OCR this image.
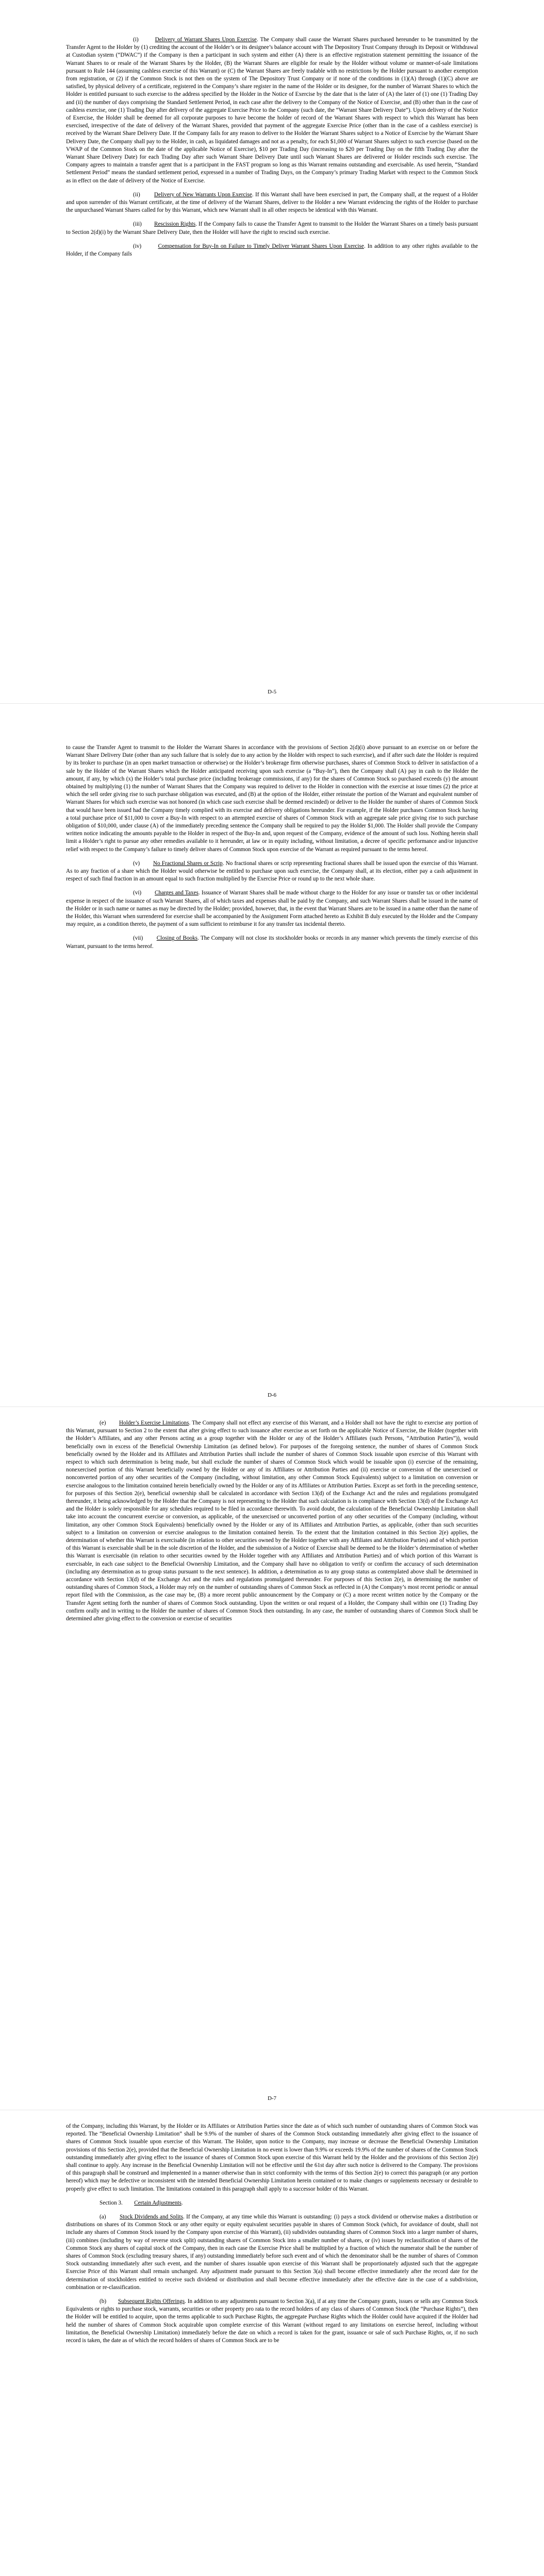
(i)	Delivery of Warrant Shares Upon Exercise. The Company shall cause the Warrant Shares purchased hereunder to be transmitted by the Transfer Agent to the Holder by (1) crediting the account of the Holder’s or its designee’s balance account with The Depository Trust Company through its Deposit or Withdrawal at Custodian system (“DWAC”) if the Company is then a participant in such system and either (A) there is an effective registration statement permitting the issuance of the Warrant Shares to or resale of the Warrant Shares by the Holder, (B) the Warrant Shares are eligible for resale by the Holder without volume or manner-of-sale limitations pursuant to Rule 144 (assuming cashless exercise of this Warrant) or (C) the Warrant Shares are freely tradable with no restrictions by the Holder pursuant to another exemption from registration, or (2) if the Common Stock is not then on the system of The Depository Trust Company or if none of the conditions in (1)(A) through (1)(C) above are satisfied, by physical delivery of a certificate, registered in the Company’s share register in the name of the Holder or its designee, for the number of Warrant Shares to which the Holder is entitled pursuant to such exercise to the address specified by the Holder in the Notice of Exercise by the date that is the later of (A) the later of (1) one (1) Trading Day and (ii) the number of days comprising the Standard Settlement Period, in each case after the delivery to the Company of the Notice of Exercise, and (B) other than in the case of cashless exercise, one (1) Trading Day after delivery of the aggregate Exercise Price to the Company (such date, the “Warrant Share Delivery Date”). Upon delivery of the Notice of Exercise, the Holder shall be deemed for all corporate purposes to have become the holder of record of the Warrant Shares with respect to which this Warrant has been exercised, irrespective of the date of delivery of the Warrant Shares, provided that payment of the aggregate Exercise Price (other than in the case of a cashless exercise) is received by the Warrant Share Delivery Date. If the Company fails for any reason to deliver to the Holder the Warrant Shares subject to a Notice of Exercise by the Warrant Share Delivery Date, the Company shall pay to the Holder, in cash, as liquidated damages and not as a penalty, for each $1,000 of Warrant Shares subject to such exercise (based on the VWAP of the Common Stock on the date of the applicable Notice of Exercise), $10 per Trading Day (increasing to $20 per Trading Day on the fifth Trading Day after the Warrant Share Delivery Date) for each Trading Day after such Warrant Share Delivery Date until such Warrant Shares are delivered or Holder rescinds such exercise. The Company agrees to maintain a transfer agent that is a participant in the FAST program so long as this Warrant remains outstanding and exercisable. As used herein, “Standard Settlement Period” means the standard settlement period, expressed in a number of Trading Days, on the Company’s primary Trading Market with respect to the Common Stock as in effect on the date of delivery of the Notice of Exercise.

(ii) Delivery of New Warrants Upon Exercise. If this Warrant shall have been exercised in part, the Company shall, at the request of a Holder and upon surrender of this Warrant certificate, at the time of delivery of the Warrant Shares, deliver to the Holder a new Warrant evidencing the rights of the Holder to purchase the unpurchased Warrant Shares called for by this Warrant, which new Warrant shall in all other respects be identical with this Warrant.

(iii) Rescission Rights. If the Company fails to cause the Transfer Agent to transmit to the Holder the Warrant Shares on a timely basis pursuant to Section 2(d)(i) by the Warrant Share Delivery Date, then the Holder will have the right to rescind such exercise.

(iv)	Compensation for Buy-In on Failure to Timely Deliver Warrant Shares Upon Exercise. In addition to any other rights available to the Holder, if the Company fails

D-5

to cause the Transfer Agent to transmit to the Holder the Warrant Shares in accordance with the provisions of Section 2(d)(i) above pursuant to an exercise on or before the Warrant Share Delivery Date (other than any such failure that is solely due to any action by the Holder with respect to such exercise), and if after such date the Holder is required by its broker to purchase (in an open market transaction or otherwise) or the Holder’s brokerage firm otherwise purchases, shares of Common Stock to deliver in satisfaction of a sale by the Holder of the Warrant Shares which the Holder anticipated receiving upon such exercise (a “Buy-In”), then the Company shall (A) pay in cash to the Holder the amount, if any, by which (x) the Holder’s total purchase price (including brokerage commissions, if any) for the shares of Common Stock so purchased exceeds (y) the amount obtained by multiplying (1) the number of Warrant Shares that the Company was required to deliver to the Holder in connection with the exercise at issue times (2) the price at which the sell order giving rise to such purchase obligation was executed, and (B) at the option of the Holder, either reinstate the portion of the Warrant and equivalent number of Warrant Shares for which such exercise was not honored (in which case such exercise shall be deemed rescinded) or deliver to the Holder the number of shares of Common Stock that would have been issued had the Company timely complied with its exercise and delivery obligations hereunder. For example, if the Holder purchases Common Stock having a total purchase price of $11,000 to cover a Buy-In with respect to an attempted exercise of shares of Common Stock with an aggregate sale price giving rise to such purchase obligation of $10,000, under clause (A) of the immediately preceding sentence the Company shall be required to pay the Holder $1,000. The Holder shall provide the Company written notice indicating the amounts payable to the Holder in respect of the Buy-In and, upon request of the Company, evidence of the amount of such loss. Nothing herein shall limit a Holder’s right to pursue any other remedies available to it hereunder, at law or in equity including, without limitation, a decree of specific performance and/or injunctive relief with respect to the Company’s failure to timely deliver shares of Common Stock upon exercise of the Warrant as required pursuant to the terms hereof.

(v) No Fractional Shares or Scrip. No fractional shares or scrip representing fractional shares shall be issued upon the exercise of this Warrant. As to any fraction of a share which the Holder would otherwise be entitled to purchase upon such exercise, the Company shall, at its election, either pay a cash adjustment in respect of such final fraction in an amount equal to such fraction multiplied by the Exercise Price or round up to the next whole share.

(vi) Charges and Taxes. Issuance of Warrant Shares shall be made without charge to the Holder for any issue or transfer tax or other incidental expense in respect of the issuance of such Warrant Shares, all of which taxes and expenses shall be paid by the Company, and such Warrant Shares shall be issued in the name of the Holder or in such name or names as may be directed by the Holder; provided, however, that, in the event that Warrant Shares are to be issued in a name other than the name of the Holder, this Warrant when surrendered for exercise shall be accompanied by the Assignment Form attached hereto as Exhibit B duly executed by the Holder and the Company may require, as a condition thereto, the payment of a sum sufficient to reimburse it for any transfer tax incidental thereto.

(vii) Closing of Books. The Company will not close its stockholder books or records in any manner which prevents the timely exercise of this Warrant, pursuant to the terms hereof.

D-6

(e) Holder’s Exercise Limitations. The Company shall not effect any exercise of this Warrant, and a Holder shall not have the right to exercise any portion of this Warrant, pursuant to Section 2 to the extent that after giving effect to such issuance after exercise as set forth on the applicable Notice of Exercise, the Holder (together with the Holder’s Affiliates, and any other Persons acting as a group together with the Holder or any of the Holder’s Affiliates (such Persons, “Attribution Parties”)), would beneficially own in excess of the Beneficial Ownership Limitation (as defined below). For purposes of the foregoing sentence, the number of shares of Common Stock beneficially owned by the Holder and its Affiliates and Attribution Parties shall include the number of shares of Common Stock issuable upon exercise of this Warrant with respect to which such determination is being made, but shall exclude the number of shares of Common Stock which would be issuable upon (i) exercise of the remaining, nonexercised portion of this Warrant beneficially owned by the Holder or any of its Affiliates or Attribution Parties and (ii) exercise or conversion of the unexercised or nonconverted portion of any other securities of the Company (including, without limitation, any other Common Stock Equivalents) subject to a limitation on conversion or exercise analogous to the limitation contained herein beneficially owned by the Holder or any of its Affiliates or Attribution Parties. Except as set forth in the preceding sentence, for purposes of this Section 2(e), beneficial ownership shall be calculated in accordance with Section 13(d) of the Exchange Act and the rules and regulations promulgated thereunder, it being acknowledged by the Holder that the Company is not representing to the Holder that such calculation is in compliance with Section 13(d) of the Exchange Act and the Holder is solely responsible for any schedules required to be filed in accordance therewith. To avoid doubt, the calculation of the Beneficial Ownership Limitation shall take into account the concurrent exercise or conversion, as applicable, of the unexercised or unconverted portion of any other securities of the Company (including, without limitation, any other Common Stock Equivalents) beneficially owned by the Holder or any of its Affiliates and Attribution Parties, as applicable, (other than such securities subject to a limitation on conversion or exercise analogous to the limitation contained herein. To the extent that the limitation contained in this Section 2(e) applies, the determination of whether this Warrant is exercisable (in relation to other securities owned by the Holder together with any Affiliates and Attribution Parties) and of which portion of this Warrant is exercisable shall be in the sole discretion of the Holder, and the submission of a Notice of Exercise shall be deemed to be the Holder’s determination of whether this Warrant is exercisable (in relation to other securities owned by the Holder together with any Affiliates and Attribution Parties) and of which portion of this Warrant is exercisable, in each case subject to the Beneficial Ownership Limitation, and the Company shall have no obligation to verify or confirm the accuracy of such determination (including any determination as to group status pursuant to the next sentence). In addition, a determination as to any group status as contemplated above shall be determined in accordance with Section 13(d) of the Exchange Act and the rules and regulations promulgated thereunder. For purposes of this Section 2(e), in determining the number of outstanding shares of Common Stock, a Holder may rely on the number of outstanding shares of Common Stock as reflected in (A) the Company’s most recent periodic or annual report filed with the Commission, as the case may be, (B) a more recent public announcement by the Company or (C) a more recent written notice by the Company or the Transfer Agent setting forth the number of shares of Common Stock outstanding. Upon the written or oral request of a Holder, the Company shall within one (1) Trading Day confirm orally and in writing to the Holder the number of shares of Common Stock then outstanding. In any case, the number of outstanding shares of Common Stock shall be determined after giving effect to the conversion or exercise of securities

D-7

of the Company, including this Warrant, by the Holder or its Affiliates or Attribution Parties since the date as of which such number of outstanding shares of Common Stock was reported. The “Beneficial Ownership Limitation” shall be 9.9% of the number of shares of the Common Stock outstanding immediately after giving effect to the issuance of shares of Common Stock issuable upon exercise of this Warrant. The Holder, upon notice to the Company, may increase or decrease the Beneficial Ownership Limitation provisions of this Section 2(e), provided that the Beneficial Ownership Limitation in no event is lower than 9.9% or exceeds 19.9% of the number of shares of the Common Stock outstanding immediately after giving effect to the issuance of shares of Common Stock upon exercise of this Warrant held by the Holder and the provisions of this Section 2(e) shall continue to apply. Any increase in the Beneficial Ownership Limitation will not be effective until the 61st day after such notice is delivered to the Company. The provisions of this paragraph shall be construed and implemented in a manner otherwise than in strict conformity with the terms of this Section 2(e) to correct this paragraph (or any portion hereof) which may be defective or inconsistent with the intended Beneficial Ownership Limitation herein contained or to make changes or supplements necessary or desirable to properly give effect to such limitation. The limitations contained in this paragraph shall apply to a successor holder of this Warrant.

Section 3. Certain Adjustments.

(a) Stock Dividends and Splits. If the Company, at any time while this Warrant is outstanding: (i) pays a stock dividend or otherwise makes a distribution or distributions on shares of its Common Stock or any other equity or equity equivalent securities payable in shares of Common Stock (which, for avoidance of doubt, shall not include any shares of Common Stock issued by the Company upon exercise of this Warrant), (ii) subdivides outstanding shares of Common Stock into a larger number of shares, (iii) combines (including by way of reverse stock split) outstanding shares of Common Stock into a smaller number of shares, or (iv) issues by reclassification of shares of the Common Stock any shares of capital stock of the Company, then in each case the Exercise Price shall be multiplied by a fraction of which the numerator shall be the number of shares of Common Stock (excluding treasury shares, if any) outstanding immediately before such event and of which the denominator shall be the number of shares of Common Stock outstanding immediately after such event, and the number of shares issuable upon exercise of this Warrant shall be proportionately adjusted such that the aggregate Exercise Price of this Warrant shall remain unchanged. Any adjustment made pursuant to this Section 3(a) shall become effective immediately after the record date for the determination of stockholders entitled to receive such dividend or distribution and shall become effective immediately after the effective date in the case of a subdivision, combination or re-classification.

(b) Subsequent Rights Offerings. In addition to any adjustments pursuant to Section 3(a), if at any time the Company grants, issues or sells any Common Stock Equivalents or rights to purchase stock, warrants, securities or other property pro rata to the record holders of any class of shares of Common Stock (the “Purchase Rights”), then the Holder will be entitled to acquire, upon the terms applicable to such Purchase Rights, the aggregate Purchase Rights which the Holder could have acquired if the Holder had held the number of shares of Common Stock acquirable upon complete exercise of this Warrant (without regard to any limitations on exercise hereof, including without limitation, the Beneficial Ownership Limitation) immediately before the date on which a record is taken for the grant, issuance or sale of such Purchase Rights, or, if no such record is taken, the date as of which the record holders of shares of Common Stock are to be
